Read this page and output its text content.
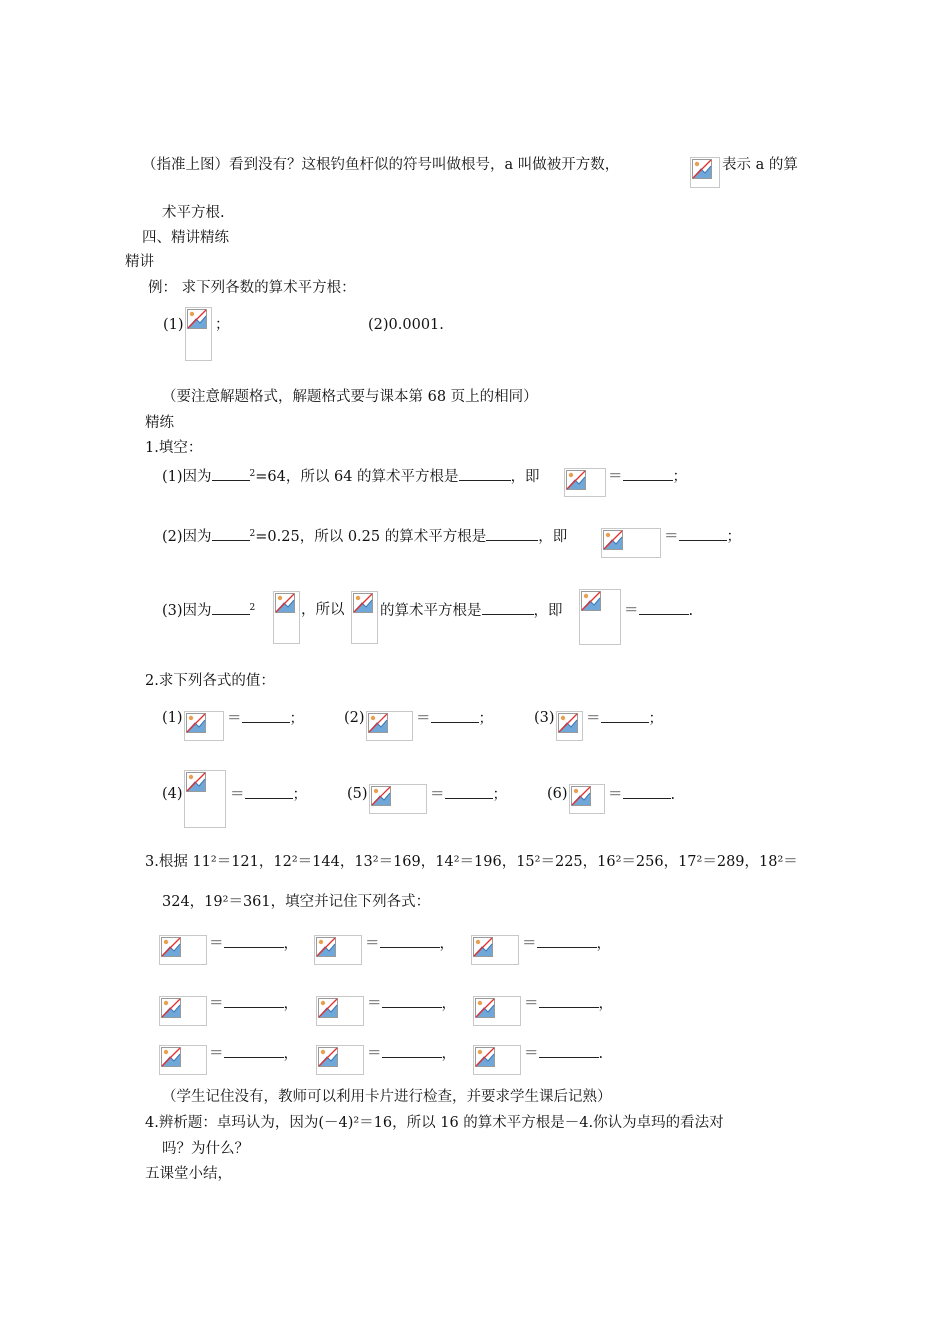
（指准上图）看到没有？这根钓鱼杆似的符号叫做根号，a 叫做被开方数，	表示 a 的算
术平方根.
四、精讲精练
精讲
例： 求下列各数的算术平方根：
(1) ；	(2)0.0001.
（要注意解题格式，解题格式要与课本第 68 页上的相同）
精练
1.填空：
(1)因为	$^2$=64，所以 64 的算术平方根是	，即	＝	；
(2)因为	$^2$=0.25，所以 0.25 的算术平方根是	，即	＝	；
(3)因为	$^2$	，所以 的算术平方根是	，即	＝	.
2.求下列各式的值：
(1)	＝	；	(2)	＝	；	(3) ＝	；
(4)	＝	；	(5)	＝	；	(6)	＝	.
3.根据 11²＝121，12²＝144，13²＝169，14²＝196，15²＝225，16²＝256，17²＝289，18²＝
324，19²＝361，填空并记住下列各式：
＝	，	＝	，	＝	，
＝	，	＝	，	＝	，
＝	，	＝	，	＝	.
（学生记住没有，教师可以利用卡片进行检查，并要求学生课后记熟）
4.辨析题：卓玛认为，因为(－4)²＝16，所以 16 的算术平方根是－4.你认为卓玛的看法对
吗？为什么？
五课堂小结，
